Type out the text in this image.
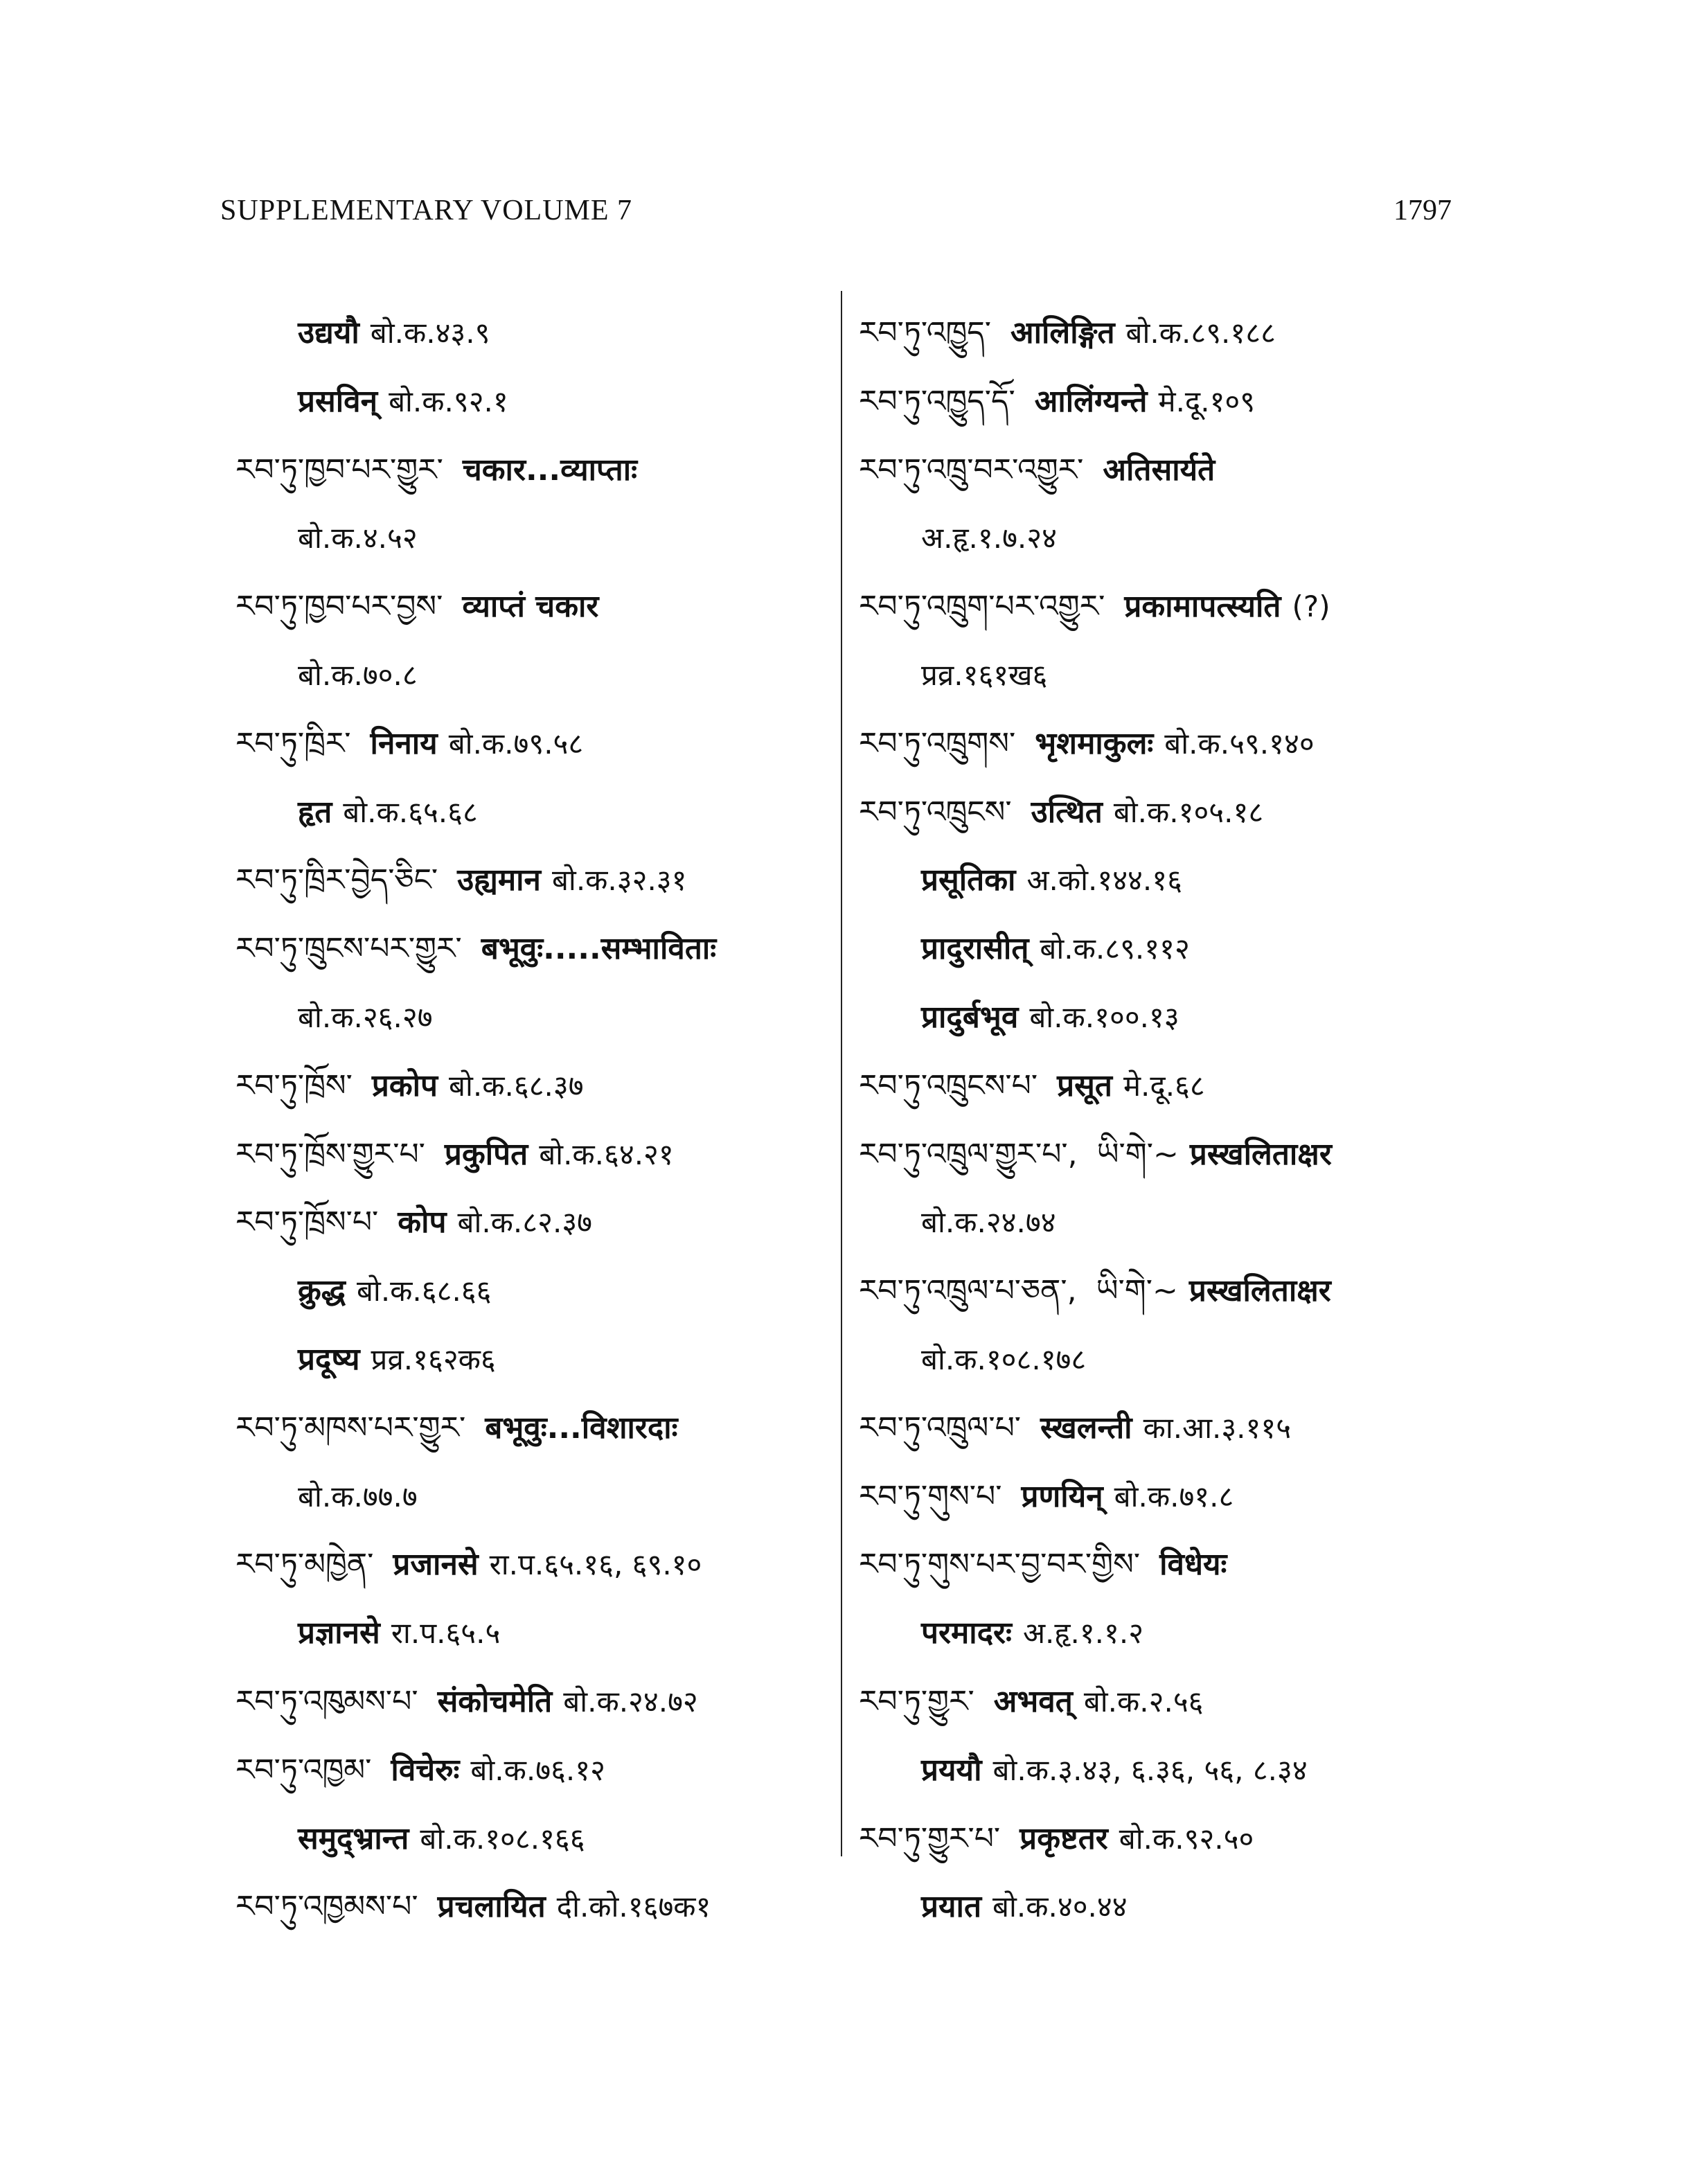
SUPPLEMENTARY VOLUME 7	1797
उद्ययौ बो.क.४३.९
प्रसविन् बो.क.९२.१
རབ་ཏུ་ཁྱབ་པར་གྱུར་ चकार...व्याप्ताः
बो.क.४.५२
རབ་ཏུ་ཁྱབ་པར་བྱས་ व्याप्तं चकार
बो.क.७०.८
རབ་ཏུ་ཁྲིར་ निनाय बो.क.७९.५८
हृत बो.क.६५.६८
རབ་ཏུ་ཁྲིར་བྱེད་ཅིང་ उह्यमान बो.क.३२.३१
རབ་ཏུ་ཁྲུངས་པར་གྱུར་ बभूवुः.....सम्भाविताः
बो.क.२६.२७
རབ་ཏུ་ཁྲོས་ प्रकोप बो.क.६८.३७
རབ་ཏུ་ཁྲོས་གྱུར་པ་ प्रकुपित बो.क.६४.२१
རབ་ཏུ་ཁྲོས་པ་ कोप बो.क.८२.३७
क्रुद्ध बो.क.६८.६६
प्रदूष्य प्रव्र.१६२क६
རབ་ཏུ་མཁས་པར་གྱུར་ बभूवुः...विशारदाः
बो.क.७७.७
རབ་ཏུ་མཁྱེན་ प्रजानसे रा.प.६५.१६, ६९.१०
प्रज्ञानसे रा.प.६५.५
རབ་ཏུ་འཁུམས་པ་ संकोचमेति बो.क.२४.७२
རབ་ཏུ་འཁྱམ་ विचेरुः बो.क.७६.१२
समुद्भ्रान्त बो.क.१०८.१६६
རབ་ཏུ་འཁྱམས་པ་ प्रचलायित दी.को.१६७क१
རབ་ཏུ་འཁྱུད་ आलिङ्गित बो.क.८९.१८८
རབ་ཏུ་འཁྱུད་དོ་ आलिंग्यन्ते मे.दू.१०९
རབ་ཏུ་འཁྲུ་བར་འགྱུར་ अतिसार्यते
अ.हृ.१.७.२४
རབ་ཏུ་འཁྲུག་པར་འགྱུར་ प्रकामापत्स्यति (?)
प्रव्र.१६१ख६
རབ་ཏུ་འཁྲུགས་ भृशमाकुलः बो.क.५९.१४०
རབ་ཏུ་འཁྲུངས་ उत्थित बो.क.१०५.१८
प्रसूतिका अ.को.१४४.१६
प्रादुरासीत् बो.क.८९.११२
प्रादुर्बभूव बो.क.१००.१३
རབ་ཏུ་འཁྲུངས་པ་ प्रसूत मे.दू.६८
རབ་ཏུ་འཁྲུལ་གྱུར་པ་, ཡི་གེ་~ प्रस्खलिताक्षर
बो.क.२४.७४
རབ་ཏུ་འཁྲུལ་པ་ཅན་, ཡི་གེ་~ प्रस्खलिताक्षर
बो.क.१०८.१७८
རབ་ཏུ་འཁྲུལ་པ་ स्खलन्ती का.आ.३.११५
རབ་ཏུ་གུས་པ་ प्रणयिन् बो.क.७१.८
རབ་ཏུ་གུས་པར་བྱ་བར་གྱིས་ विधेयः
परमादरः अ.हृ.१.१.२
རབ་ཏུ་གྱུར་ अभवत् बो.क.२.५६
प्रययौ बो.क.३.४३, ६.३६, ५६, ८.३४
རབ་ཏུ་གྱུར་པ་ प्रकृष्टतर बो.क.९२.५०
प्रयात बो.क.४०.४४
